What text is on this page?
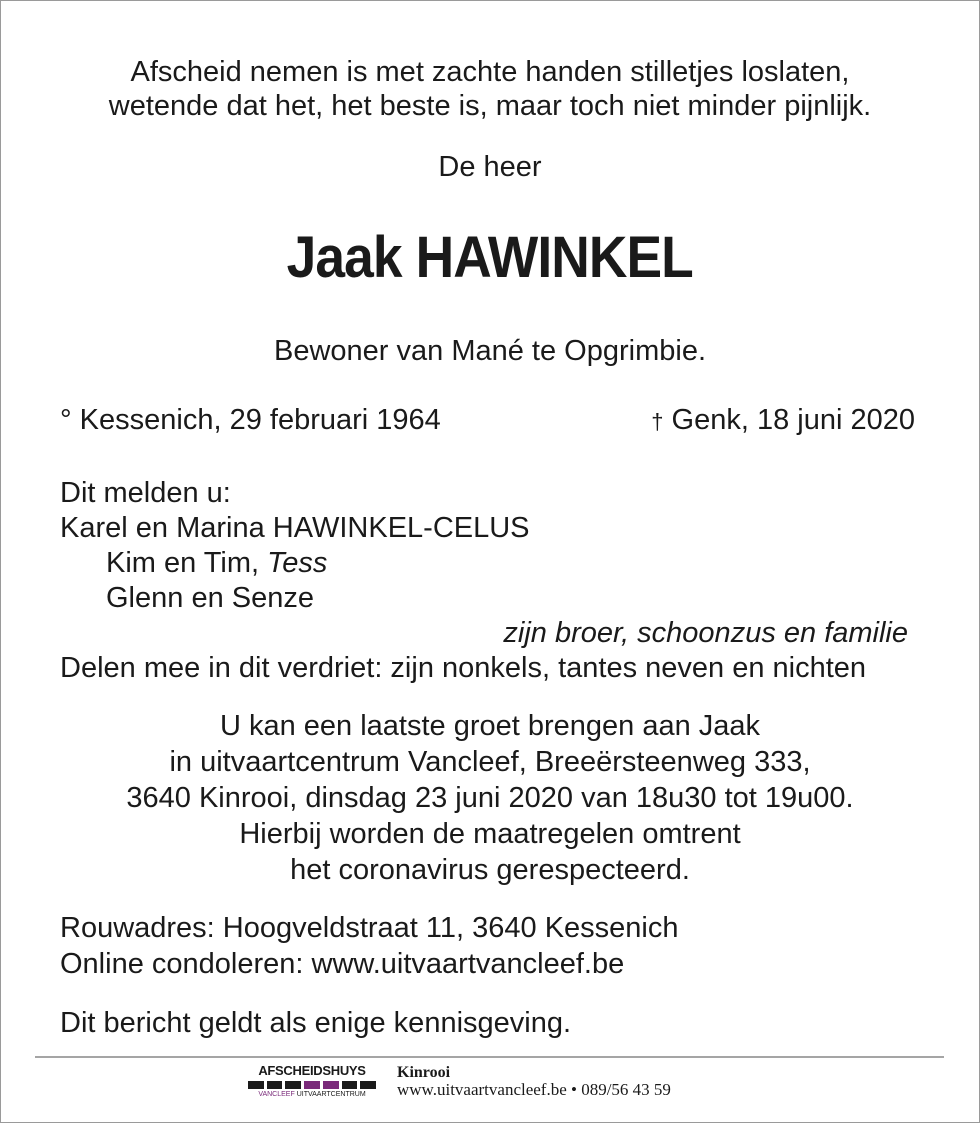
Afscheid nemen is met zachte handen stilletjes loslaten,
wetende dat het, het beste is, maar toch niet minder pijnlijk.
De heer
Jaak HAWINKEL
Bewoner van Mané te Opgrimbie.
° Kessenich, 29 februari 1964	† Genk, 18 juni 2020
Dit melden u:
Karel en Marina HAWINKEL-CELUS
Kim en Tim, Tess
Glenn en Senze
zijn broer, schoonzus en familie
Delen mee in dit verdriet: zijn nonkels, tantes neven en nichten
U kan een laatste groet brengen aan Jaak
in uitvaartcentrum Vancleef, Breeërsteenweg 333,
3640 Kinrooi, dinsdag 23 juni 2020 van 18u30 tot 19u00.
Hierbij worden de maatregelen omtrent
het coronavirus gerespecteerd.
Rouwadres: Hoogveldstraat 11, 3640 Kessenich
Online condoleren: www.uitvaartvancleef.be
Dit bericht geldt als enige kennisgeving.
AFSCHEIDSHUYS
VANCLEEF UITVAARTCENTRUM
Kinrooi
www.uitvaartvancleef.be • 089/56 43 59
